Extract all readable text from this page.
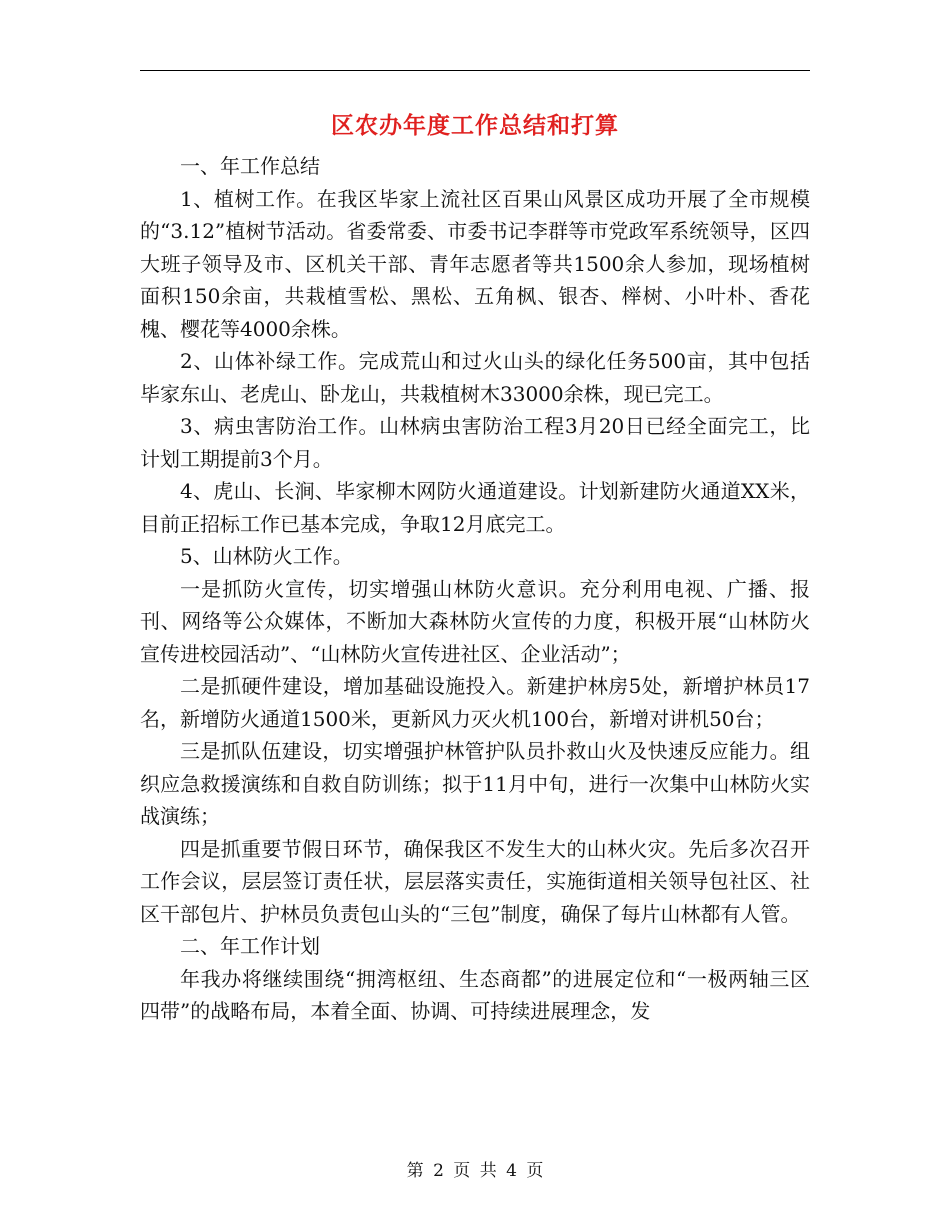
区农办年度工作总结和打算

一、年工作总结

1、植树工作。在我区毕家上流社区百果山风景区成功开展了全市规模的“3.12”植树节活动。省委常委、市委书记李群等市党政军系统领导，区四大班子领导及市、区机关干部、青年志愿者等共1500余人参加，现场植树面积150余亩，共栽植雪松、黑松、五角枫、银杏、榉树、小叶朴、香花槐、樱花等4000余株。

2、山体补绿工作。完成荒山和过火山头的绿化任务500亩，其中包括毕家东山、老虎山、卧龙山，共栽植树木33000余株，现已完工。

3、病虫害防治工作。山林病虫害防治工程3月20日已经全面完工，比计划工期提前3个月。

4、虎山、长涧、毕家柳木网防火通道建设。计划新建防火通道XX米，目前正招标工作已基本完成，争取12月底完工。

5、山林防火工作。

一是抓防火宣传，切实增强山林防火意识。充分利用电视、广播、报刊、网络等公众媒体，不断加大森林防火宣传的力度，积极开展“山林防火宣传进校园活动”、“山林防火宣传进社区、企业活动”；

二是抓硬件建设，增加基础设施投入。新建护林房5处，新增护林员17名，新增防火通道1500米，更新风力灭火机100台，新增对讲机50台；

三是抓队伍建设，切实增强护林管护队员扑救山火及快速反应能力。组织应急救援演练和自救自防训练；拟于11月中旬，进行一次集中山林防火实战演练；

四是抓重要节假日环节，确保我区不发生大的山林火灾。先后多次召开工作会议，层层签订责任状，层层落实责任，实施街道相关领导包社区、社区干部包片、护林员负责包山头的“三包”制度，确保了每片山林都有人管。

二、年工作计划

年我办将继续围绕“拥湾枢纽、生态商都”的进展定位和“一极两轴三区四带”的战略布局，本着全面、协调、可持续进展理念，发

第 2 页 共 4 页
